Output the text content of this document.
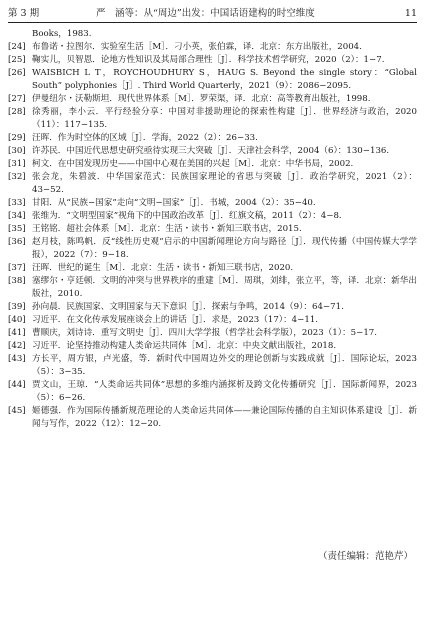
第 3 期	严　涵等：从“周边”出发：中国话语建构的时空维度	11
Books，1983.
[24] 布鲁诺・拉图尔．实验室生活［M］．刁小英，张伯霖，译．北京：东方出版社，2004.
[25] 鞠实儿，贝智恩．论地方性知识及其局部合理性［J］．科学技术哲学研究，2020（2）：1−7.
[26] WAISBICH L T，ROYCHOUDHURY S，HAUG S. Beyond the single story：“Global South” polyphonies［J］. Third World Quarterly，2021（9）：2086−2095.
[27] 伊曼纽尔・沃勒斯坦．现代世界体系［M］．罗荣渠，译．北京：高等教育出版社，1998.
[28] 徐秀丽，李小云．平行经验分享：中国对非援助理论的探索性构建［J］．世界经济与政治，2020（11）：117−135.
[29] 汪晖．作为时空体的区域［J］．学海，2022（2）：26−33.
[30] 许苏民．中国近代思想史研究亟待实现三大突破［J］．天津社会科学，2004（6）：130−136.
[31] 柯文．在中国发现历史——中国中心观在美国的兴起［M］．北京：中华书局，2002.
[32] 张会龙，朱碧波．中华国家范式：民族国家理论的省思与突破［J］．政治学研究，2021（2）：43−52.
[33] 甘阳．从“民族−国家”走向“文明−国家”［J］．书城，2004（2）：35−40.
[34] 张维为．“文明型国家”视角下的中国政治改革［J］．红旗文稿，2011（2）：4−8.
[35] 王铭铭．超社会体系［M］．北京：生活・读书・新知三联书店，2015.
[36] 赵月枝，陈鸣帆．反“线性历史观”启示的中国新闻理论方向与路径［J］．现代传播（中国传媒大学学报），2022（7）：9−18.
[37] 汪晖．世纪的诞生［M］．北京：生活・读书・新知三联书店，2020.
[38] 塞缪尔・亨廷顿．文明的冲突与世界秩序的重建［M］．周琪，刘绯，张立平，等，译．北京：新华出版社，2010.
[39] 孙向晨．民族国家、文明国家与天下意识［J］．探索与争鸣，2014（9）：64−71.
[40] 习近平．在文化传承发展座谈会上的讲话［J］．求是，2023（17）：4−11.
[41] 曹顺庆，刘诗诗．重写文明史［J］．四川大学学报（哲学社会科学版），2023（1）：5−17.
[42] 习近平．论坚持推动构建人类命运共同体［M］．北京：中央文献出版社，2018.
[43] 方长平，周方银，卢光盛，等．新时代中国周边外交的理论创新与实践成就［J］．国际论坛，2023（5）：3−35.
[44] 贾文山，王琼．“人类命运共同体”思想的多维内涵探析及跨文化传播研究［J］．国际新闻界，2023（5）：6−26.
[45] 姬德强．作为国际传播新规范理论的人类命运共同体——兼论国际传播的自主知识体系建设［J］．新闻与写作，2022（12）：12−20.
（责任编辑：范艳芹）
